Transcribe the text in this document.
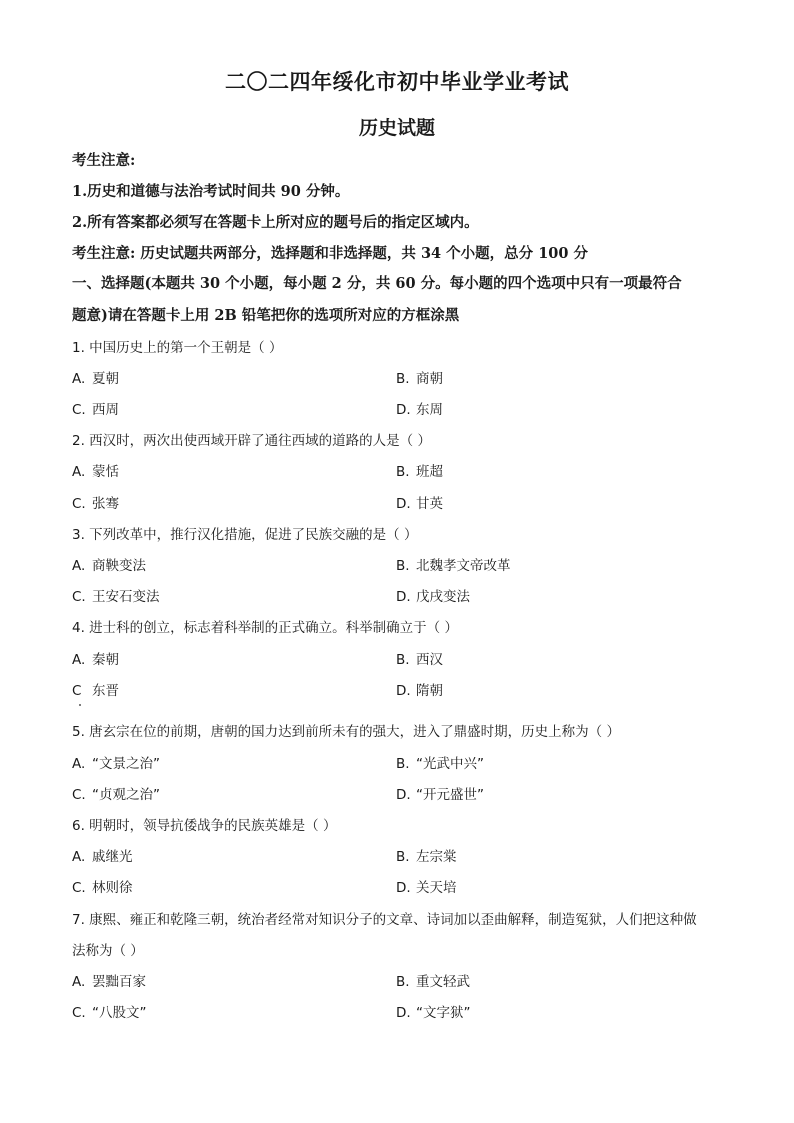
二〇二四年绥化市初中毕业学业考试
历史试题
考生注意:
1.历史和道德与法治考试时间共 90 分钟。
2.所有答案都必须写在答题卡上所对应的题号后的指定区域内。
考生注意: 历史试题共两部分，选择题和非选择题，共 34 个小题，总分 100 分
一、选择题(本题共 30 个小题，每小题 2 分，共 60 分。每小题的四个选项中只有一项最符合
题意)请在答题卡上用 2B 铅笔把你的选项所对应的方框涂黑
1. 中国历史上的第一个王朝是（ ）
A. 夏朝	B. 商朝
C. 西周	D. 东周
2. 西汉时，两次出使西域开辟了通往西域的道路的人是（ ）
A. 蒙恬	B. 班超
C. 张骞	D. 甘英
3. 下列改革中，推行汉化措施，促进了民族交融的是（ ）
A. 商鞅变法	B. 北魏孝文帝改革
C. 王安石变法	D. 戊戌变法
4. 进士科的创立，标志着科举制的正式确立。科举制确立于（ ）
A. 秦朝	B. 西汉
C 东晋	D. 隋朝
5. 唐玄宗在位的前期，唐朝的国力达到前所未有的强大，进入了鼎盛时期，历史上称为（ ）
A. “文景之治”	B. “光武中兴”
C. “贞观之治”	D. “开元盛世”
6. 明朝时，领导抗倭战争的民族英雄是（ ）
A. 戚继光	B. 左宗棠
C. 林则徐	D. 关天培
7. 康熙、雍正和乾隆三朝，统治者经常对知识分子的文章、诗词加以歪曲解释，制造冤狱，人们把这种做
法称为（ ）
A. 罢黜百家	B. 重文轻武
C. “八股文”	D. “文字狱”
